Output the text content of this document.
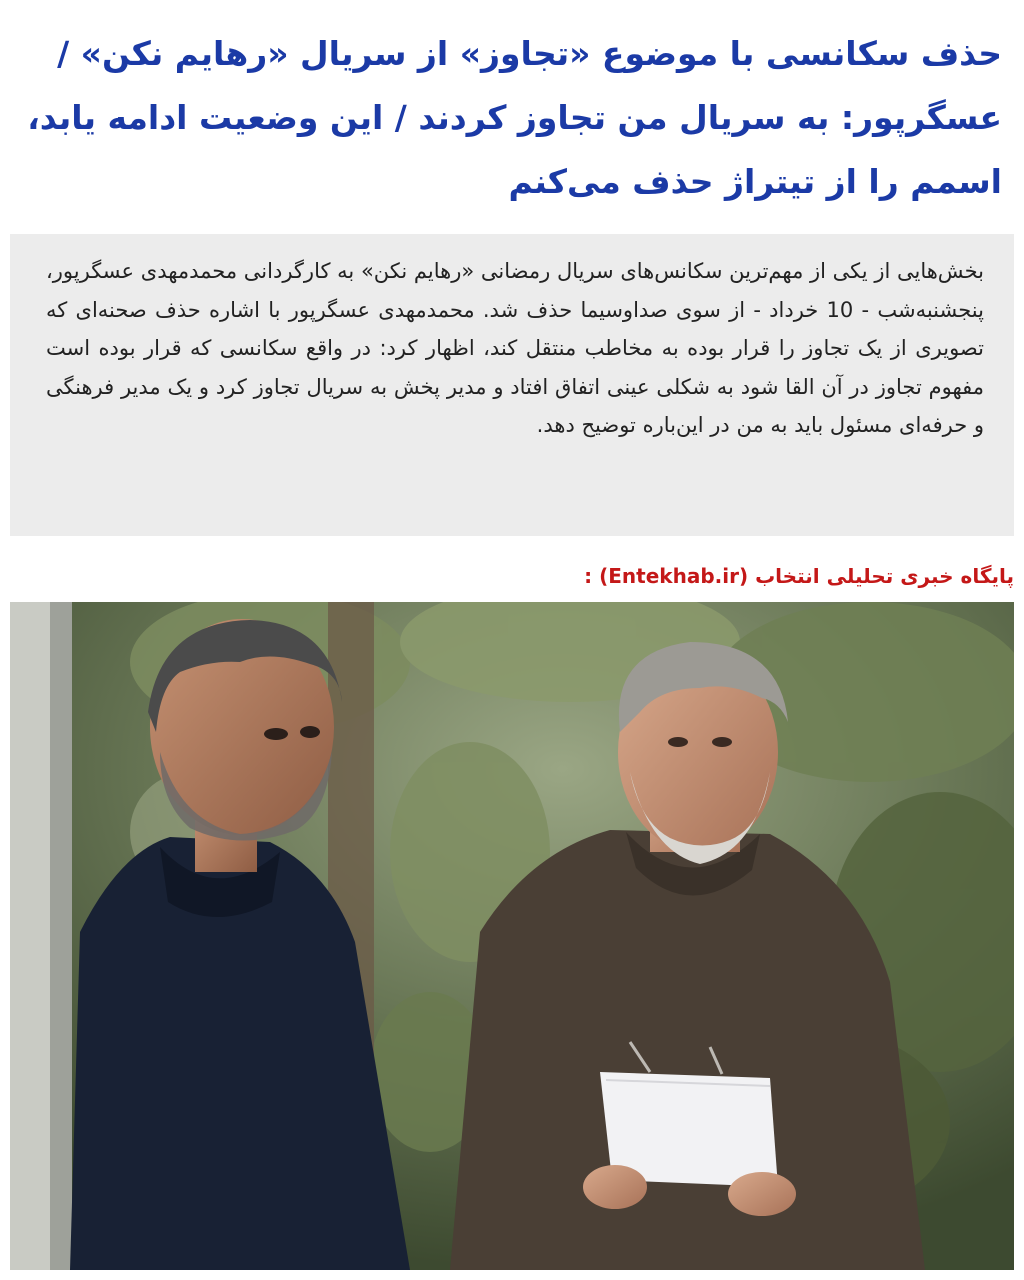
حذف سکانسی با موضوع «تجاوز» از سریال «رهایم نکن» / عسگرپور: به سریال من تجاوز کردند / این وضعیت ادامه یابد، اسمم را از تیتراژ حذف می‌کنم

بخش‌هایی از یکی از مهم‌ترین سکانس‌های سریال رمضانی «رهایم نکن» به کارگردانی محمدمهدی عسگرپور، پنجشنبه‌شب - 10 خرداد - از سوی صداوسیما حذف شد. محمدمهدی عسگرپور با اشاره حذف صحنه‌ای که تصویری از یک تجاوز را قرار بوده به مخاطب منتقل کند، اظهار کرد: در واقع سکانسی که قرار بوده است مفهوم تجاوز در آن القا شود به شکلی عینی اتفاق افتاد و مدیر پخش به سریال تجاوز کرد و یک مدیر فرهنگی و حرفه‌ای مسئول باید به من در این‌باره توضیح دهد.

پایگاه خبری تحلیلی انتخاب (Entekhab.ir) :
